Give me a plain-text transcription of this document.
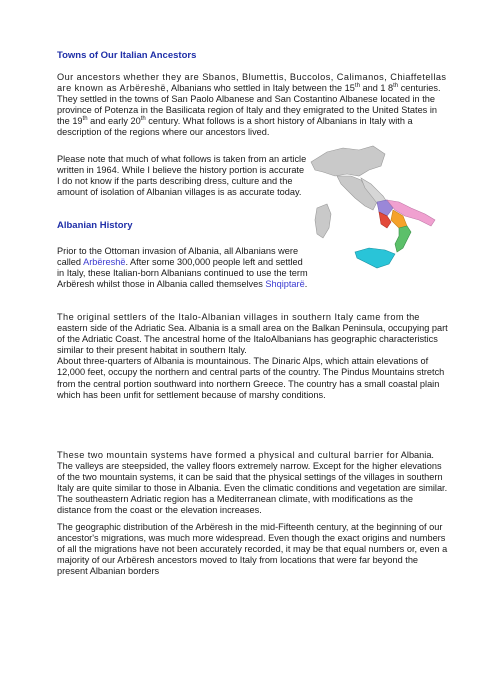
Towns of Our Italian Ancestors

Our ancestors whether they are Sbanos, Blumettis, Buccolos, Calimanos, Chiaffetellas are known as Arbëreshë, Albanians who settled in Italy between the 15th and 1 8th centuries. They settled in the towns of San Paolo Albanese and San Costantino Albanese located in the province of Potenza in the Basilicata region of Italy and they emigrated to the United States in the 19th and early 20th century. What follows is a short history of Albanians in Italy with a description of the regions where our ancestors lived.

Please note that much of what follows is taken from an article written in 1964. While I believe the history portion is accurate I do not know if the parts describing dress, culture and the amount of isolation of Albanian villages is as accurate today.

Albanian History

Prior to the Ottoman invasion of Albania, all Albanians were called Arbëreshë. After some 300,000 people left and settled in Italy, these Italian-born Albanians continued to use the term Arbëresh whilst those in Albania called themselves Shqiptarë.

The original settlers of the Italo-Albanian villages in southern Italy came from the eastern side of the Adriatic Sea. Albania is a small area on the Balkan Peninsula, occupying part of the Adriatic Coast. The ancestral home of the ItaloAlbanians has geographic characteristics similar to their present habitat in southern Italy.
About three-quarters of Albania is mountainous. The Dinaric Alps, which attain elevations of 12,000 feet, occupy the northern and central parts of the country. The Pindus Mountains stretch from the central portion southward into northern Greece. The country has a small coastal plain which has been unfit for settlement because of marshy conditions.

These two mountain systems have formed a physical and cultural barrier for Albania. The valleys are steepsided, the valley floors extremely narrow. Except for the higher elevations of the two mountain systems, it can be said that the physical settings of the villages in southern Italy are quite similar to those in Albania. Even the climatic conditions and vegetation are similar. The southeastern Adriatic region has a Mediterranean climate, with modifications as the distance from the coast or the elevation increases.

The geographic distribution of the Arbëresh in the mid-Fifteenth century, at the beginning of our ancestor's migrations, was much more widespread. Even though the exact origins and numbers of all the migrations have not been accurately recorded, it may be that equal numbers or, even a majority of our Arbëresh ancestors moved to Italy from locations that were far beyond the present Albanian borders
